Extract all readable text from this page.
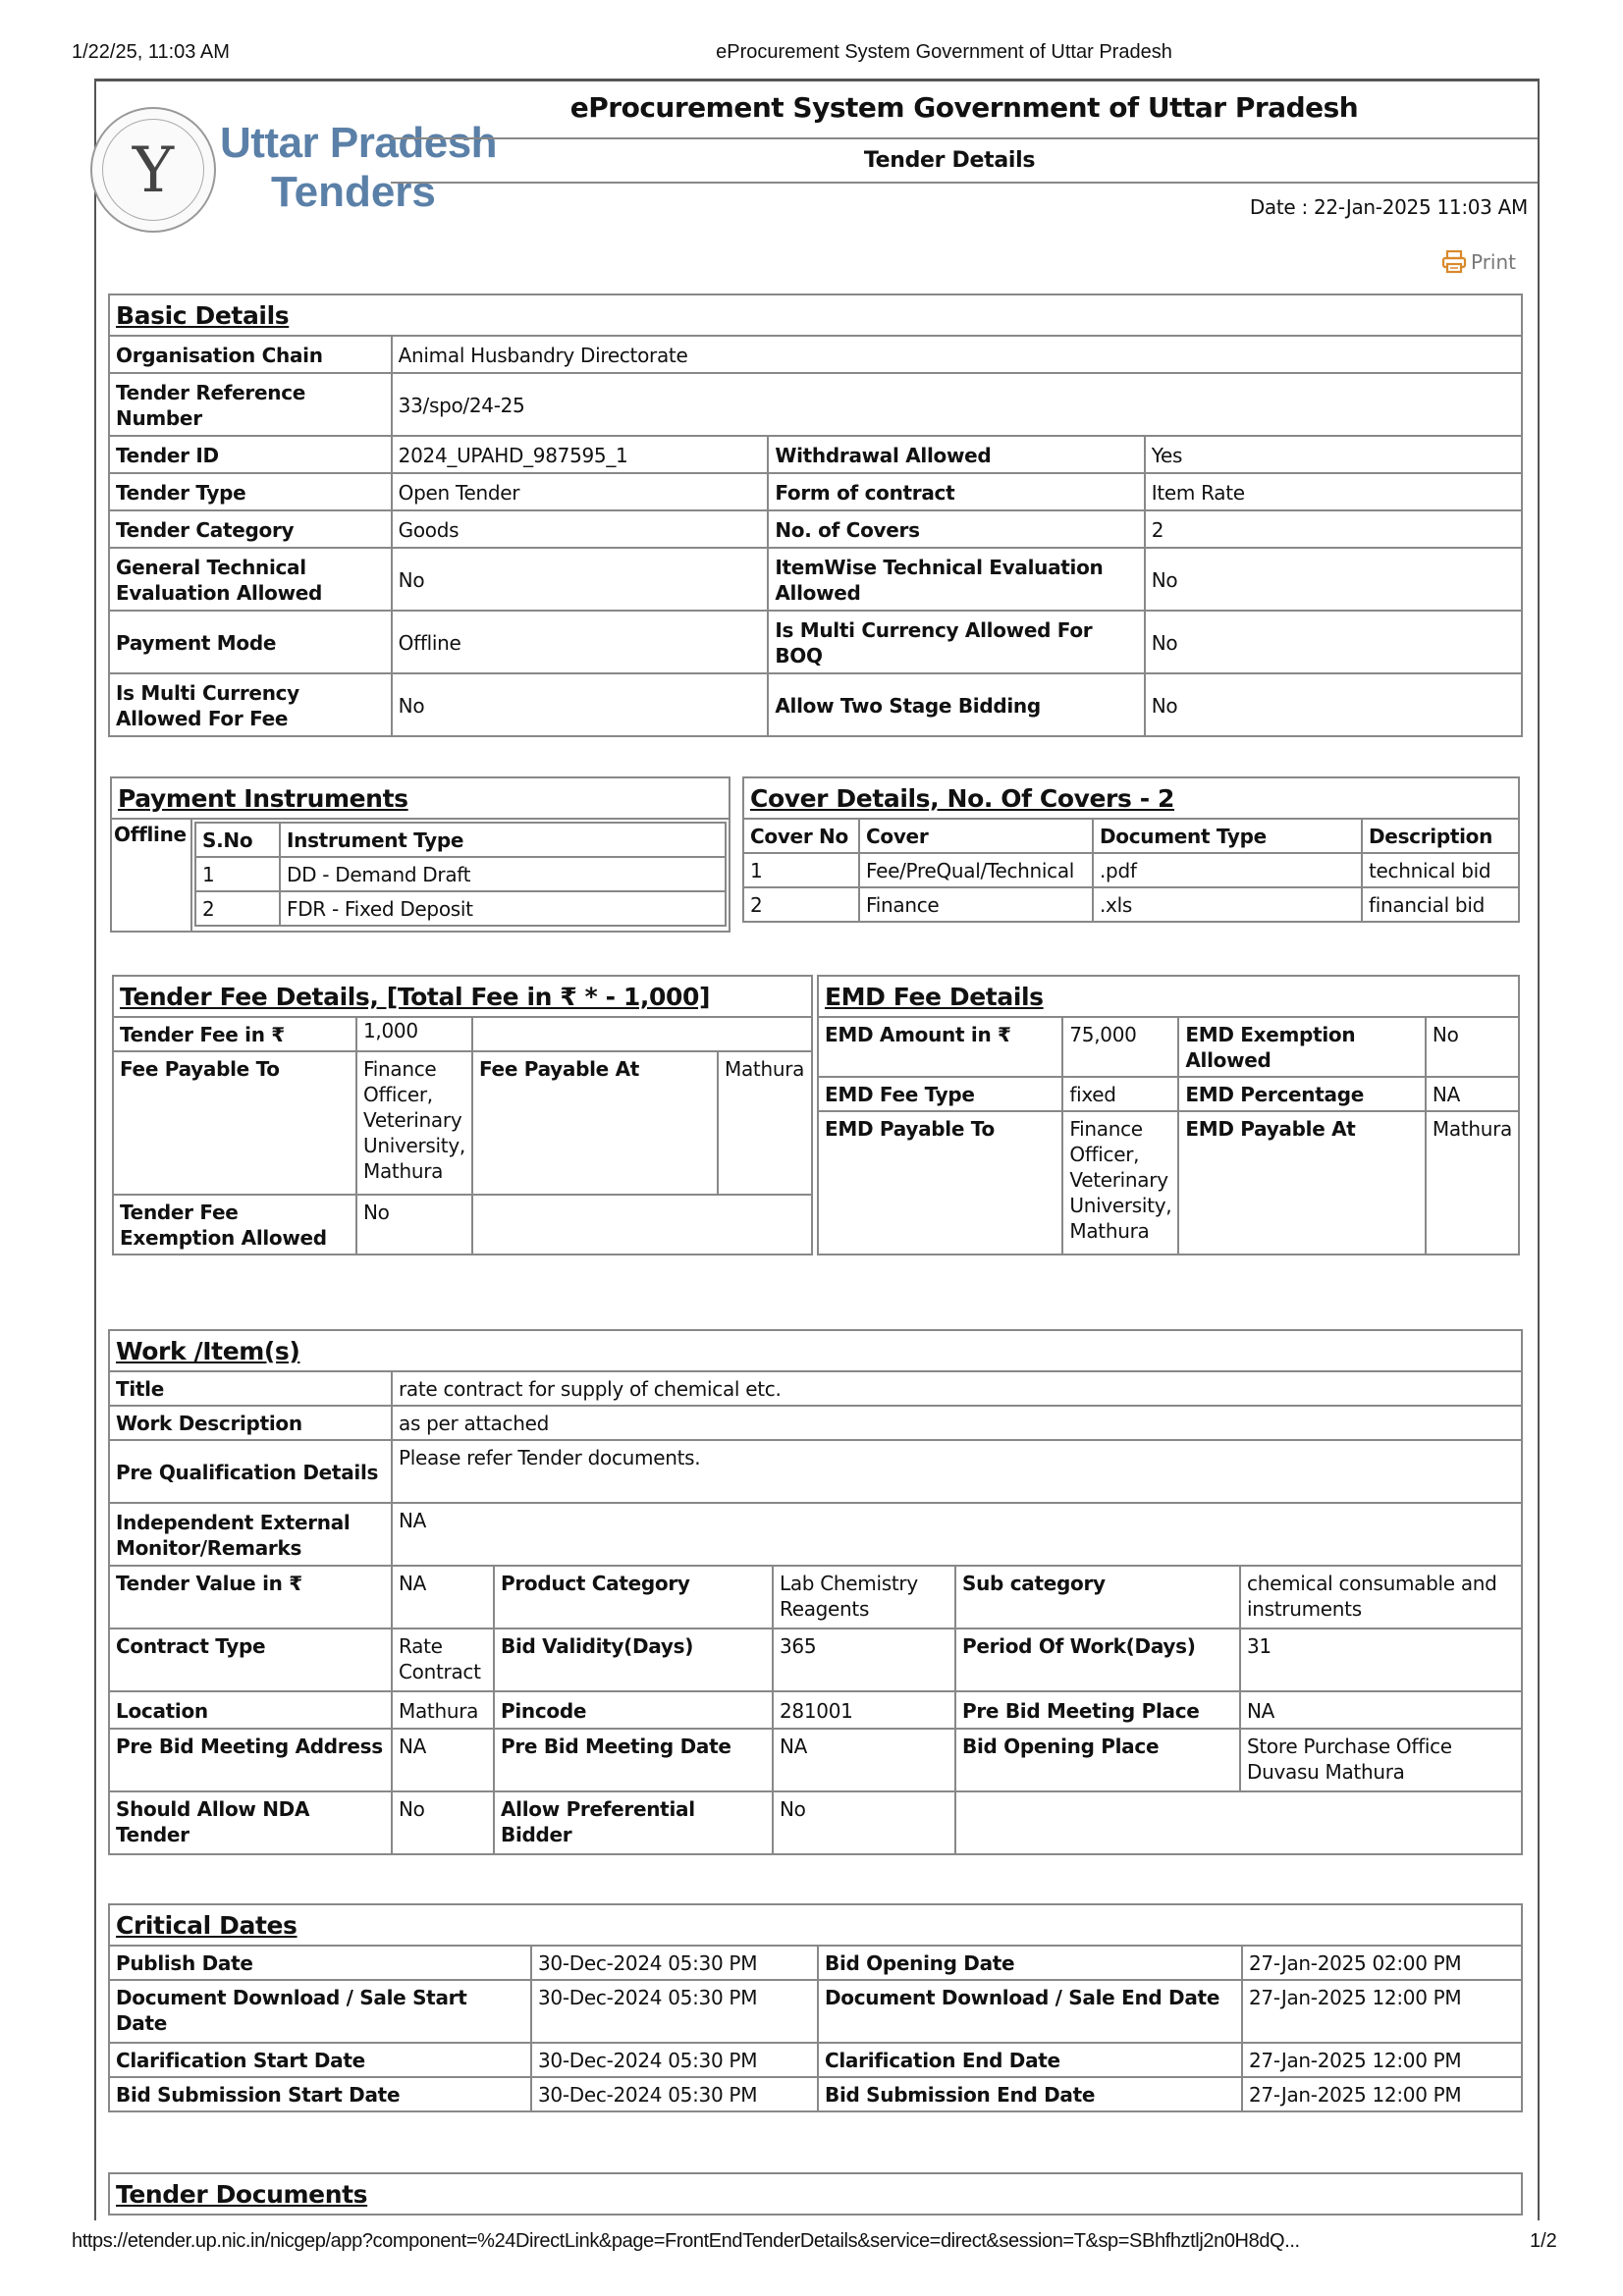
1/22/25, 11:03 AM	eProcurement System Government of Uttar Pradesh
Y	Uttar Pradesh
Tenders
eProcurement System Government of Uttar Pradesh
Tender Details
Date : 22-Jan-2025 11:03 AM
Print
Basic Details			
Organisation Chain	Animal Husbandry Directorate		
Tender Reference Number	33/spo/24-25		
Tender ID	2024_UPAHD_987595_1	Withdrawal Allowed	Yes
Tender Type	Open Tender	Form of contract	Item Rate
Tender Category	Goods	No. of Covers	2
General Technical Evaluation Allowed	No	ItemWise Technical Evaluation Allowed	No
Payment Mode	Offline	Is Multi Currency Allowed For BOQ	No
Is Multi Currency Allowed For Fee	No	Allow Two Stage Bidding	No
Payment Instruments
Offline	S.No	Instrument Type
1	DD - Demand Draft
2	FDR - Fixed Deposit
Cover Details, No. Of Covers - 2			
Cover No	Cover	Document Type	Description
1	Fee/PreQual/Technical	.pdf	technical bid
2	Finance	.xls	financial bid
Tender Fee Details, [Total Fee in ₹ * - 1,000]			
Tender Fee in ₹	1,000		
Fee Payable To	Finance Officer, Veterinary University, Mathura	Fee Payable At	Mathura
Tender Fee Exemption Allowed	No		
EMD Fee Details			
EMD Amount in ₹	75,000	EMD Exemption Allowed	No
EMD Fee Type	fixed	EMD Percentage	NA
EMD Payable To	Finance Officer, Veterinary University, Mathura	EMD Payable At	Mathura
Work /Item(s)					
Title	rate contract for supply of chemical etc.				
Work Description	as per attached				
Pre Qualification Details	Please refer Tender documents.				
Independent External Monitor/Remarks	NA				
Tender Value in ₹	NA	Product Category	Lab Chemistry Reagents	Sub category	chemical consumable and instruments
Contract Type	Rate Contract	Bid Validity(Days)	365	Period Of Work(Days)	31
Location	Mathura	Pincode	281001	Pre Bid Meeting Place	NA
Pre Bid Meeting Address	NA	Pre Bid Meeting Date	NA	Bid Opening Place	Store Purchase Office Duvasu Mathura
Should Allow NDA Tender	No	Allow Preferential Bidder	No		
Critical Dates			
Publish Date	30-Dec-2024 05:30 PM	Bid Opening Date	27-Jan-2025 02:00 PM
Document Download / Sale Start Date	30-Dec-2024 05:30 PM	Document Download / Sale End Date	27-Jan-2025 12:00 PM
Clarification Start Date	30-Dec-2024 05:30 PM	Clarification End Date	27-Jan-2025 12:00 PM
Bid Submission Start Date	30-Dec-2024 05:30 PM	Bid Submission End Date	27-Jan-2025 12:00 PM
Tender Documents
https://etender.up.nic.in/nicgep/app?component=%24DirectLink&page=FrontEndTenderDetails&service=direct&session=T&sp=SBhfhztlj2n0H8dQ...	1/2
